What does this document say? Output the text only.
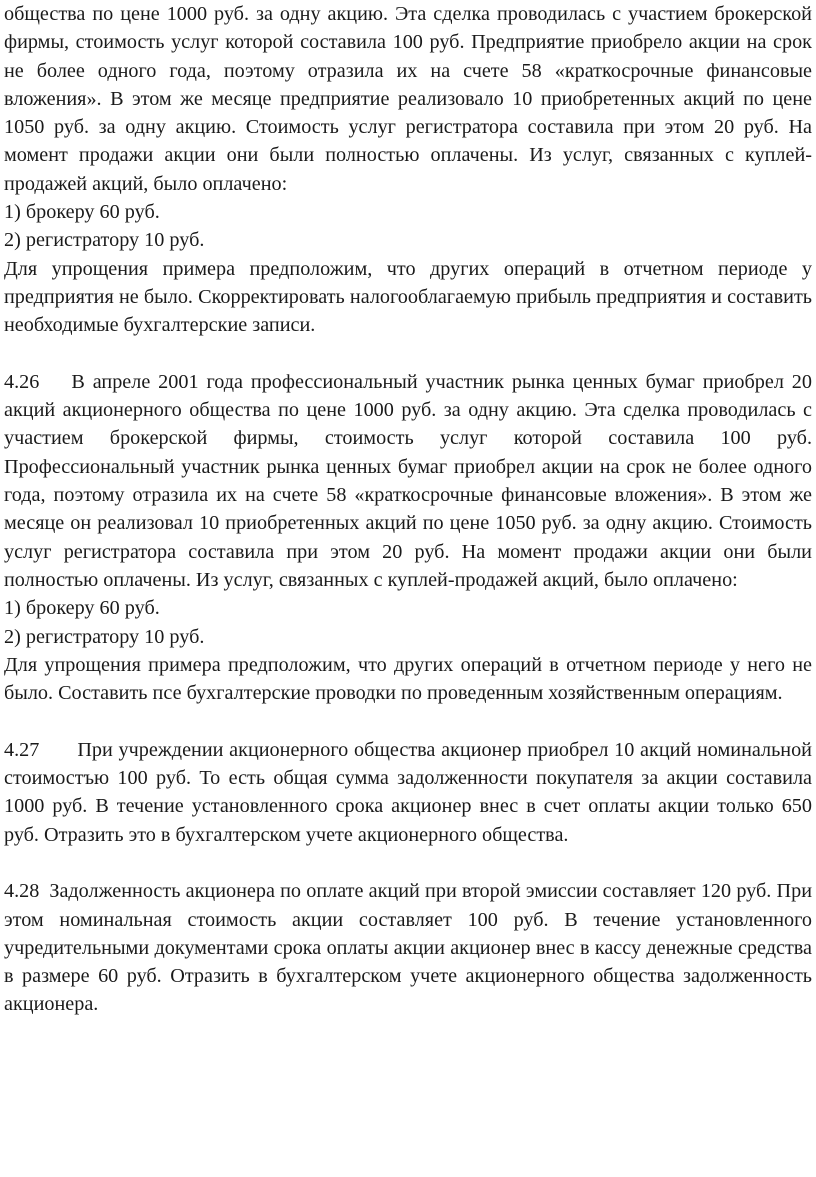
общества по цене 1000 руб. за одну акцию. Эта сделка проводилась с участием брокерской фирмы, стоимость услуг которой составила 100 руб. Предприятие приобрело акции на срок не более одного года, поэтому отразила их на счете 58 «краткосрочные финансовые вложения». В этом же месяце предприятие реализовало 10 приобретенных акций по цене 1050 руб. за одну акцию. Стоимость услуг регистратора составила при этом 20 руб. На момент продажи акции они были полностью оплачены. Из услуг, связанных с куплей-продажей акций, было оплачено:

1) брокеру 60 руб.

2) регистратору 10 руб.

Для упрощения примера предположим, что других операций в отчетном периоде у предприятия не было. Скорректировать налогооблагаемую прибыль предприятия и составить необходимые бухгалтерские записи.

4.26 В апреле 2001 года профессиональный участник рынка ценных бумаг приобрел 20 акций акционерного общества по цене 1000 руб. за одну акцию. Эта сделка проводилась с участием брокерской фирмы, стоимость услуг которой составила 100 руб. Профессиональный участник рынка ценных бумаг приобрел акции на срок не более одного года, поэтому отразила их на счете 58 «краткосрочные финансовые вложения». В этом же месяце он реализовал 10 приобретенных акций по цене 1050 руб. за одну акцию. Стоимость услуг регистратора составила при этом 20 руб. На момент продажи акции они были полностью оплачены. Из услуг, связанных с куплей-продажей акций, было оплачено:

1) брокеру 60 руб.

2) регистратору 10 руб.

Для упрощения примера предположим, что других операций в отчетном периоде у него не было. Составить псе бухгалтерские проводки по проведенным хозяйственным операциям.

4.27 При учреждении акционерного общества акционер приобрел 10 акций номинальной стоимостъю 100 руб. То есть общая сумма задолженности покупателя за акции составила 1000 руб. В течение установленного срока акционер внес в счет оплаты акции только 650 руб. Отразить это в бухгалтерском учете акционерного общества.

4.28 Задолженность акционера по оплате акций при второй эмиссии составляет 120 руб. При этом номинальная стоимость акции составляет 100 руб. В течение установленного учредительными документами срока оплаты акции акционер внес в кассу денежные средства в размере 60 руб. Отразить в бухгалтерском учете акционерного общества задолженность акционера.
